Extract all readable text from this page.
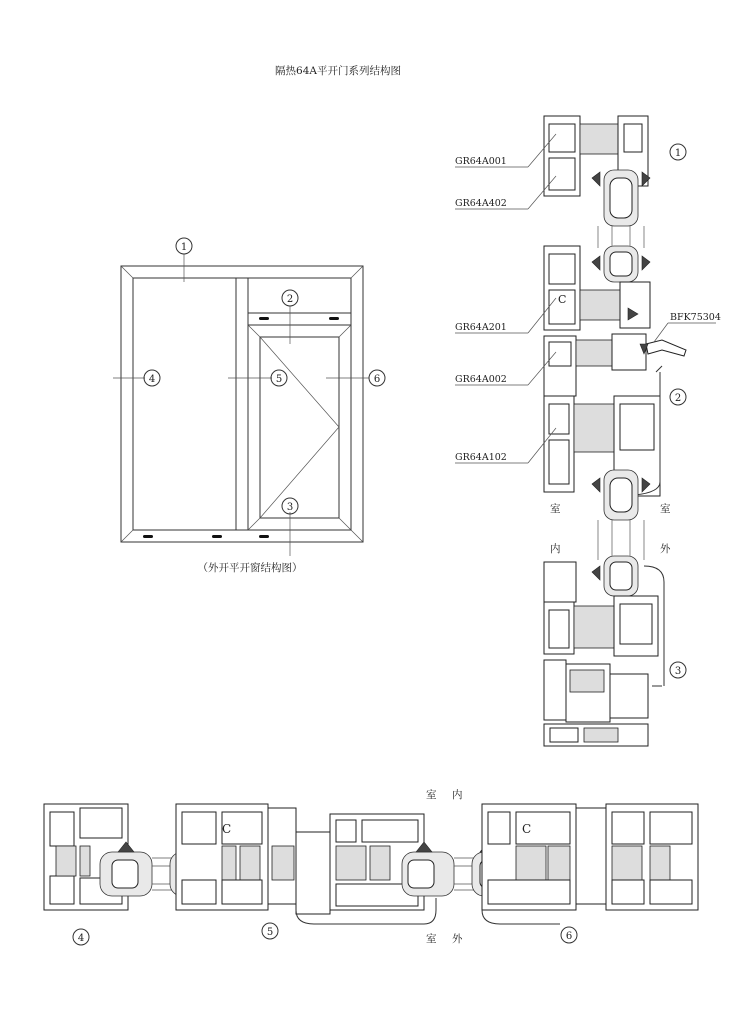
隔热64A平开门系列结构图
1
2
3
4	5	6
（外开平开窗结构图）
C
1
2
3
GR64A001
GR64A402
GR64A201
GR64A002
GR64A102
BFK75304
室
内
室
外
C	C
4
5	6
室 内
室 外
